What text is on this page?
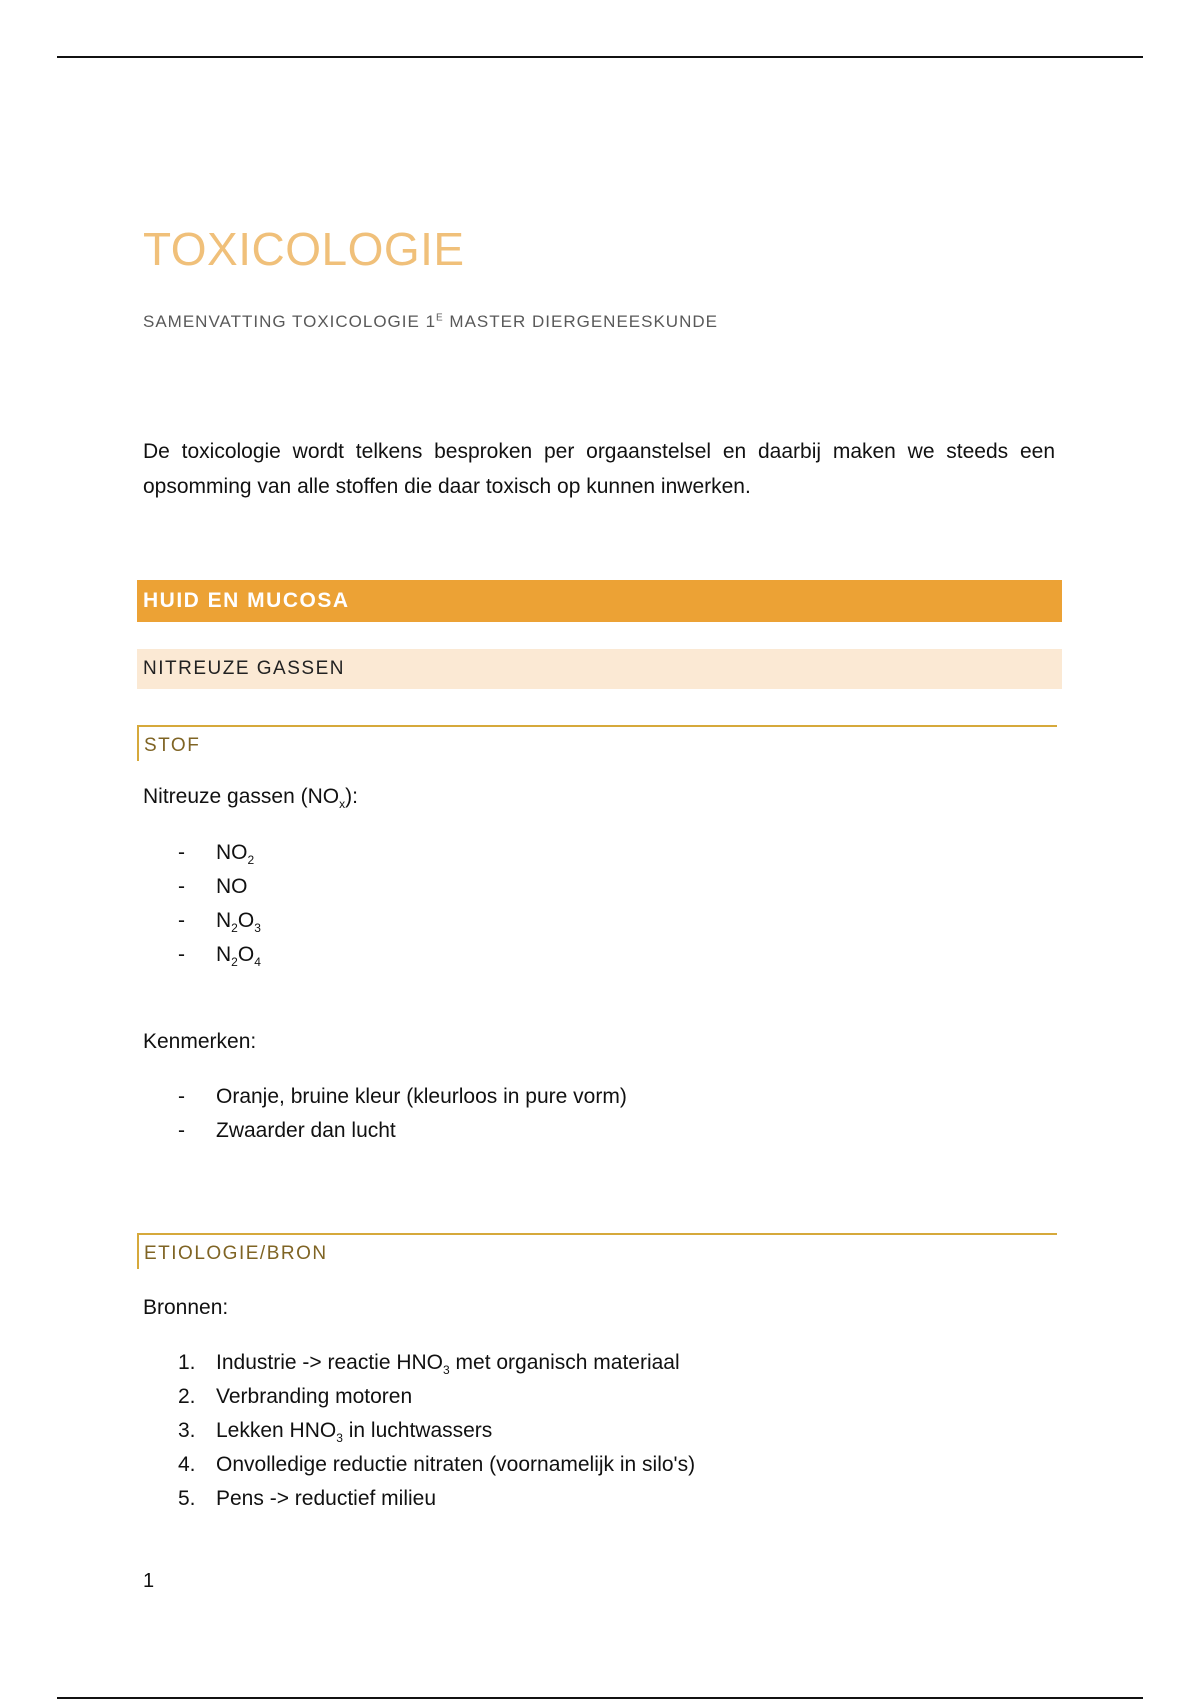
TOXICOLOGIE
SAMENVATTING TOXICOLOGIE $1^E$ MASTER DIERGENEESKUNDE
De toxicologie wordt telkens besproken per orgaanstelsel en daarbij maken we steeds een opsomming van alle stoffen die daar toxisch op kunnen inwerken.
HUID EN MUCOSA
NITREUZE GASSEN
STOF
Nitreuze gassen $(NO_x)$:
- $NO_2$
- NO
- $N_2O_3$
- $N_2O_4$
Kenmerken:
- Oranje, bruine kleur (kleurloos in pure vorm)
- Zwaarder dan lucht
ETIOLOGIE/BRON
Bronnen:
1. Industrie -> reactie $HNO_3$ met organisch materiaal
2. Verbranding motoren
3. Lekken $HNO_3$ in luchtwassers
4. Onvolledige reductie nitraten (voornamelijk in silo's)
5. Pens -> reductief milieu
1
